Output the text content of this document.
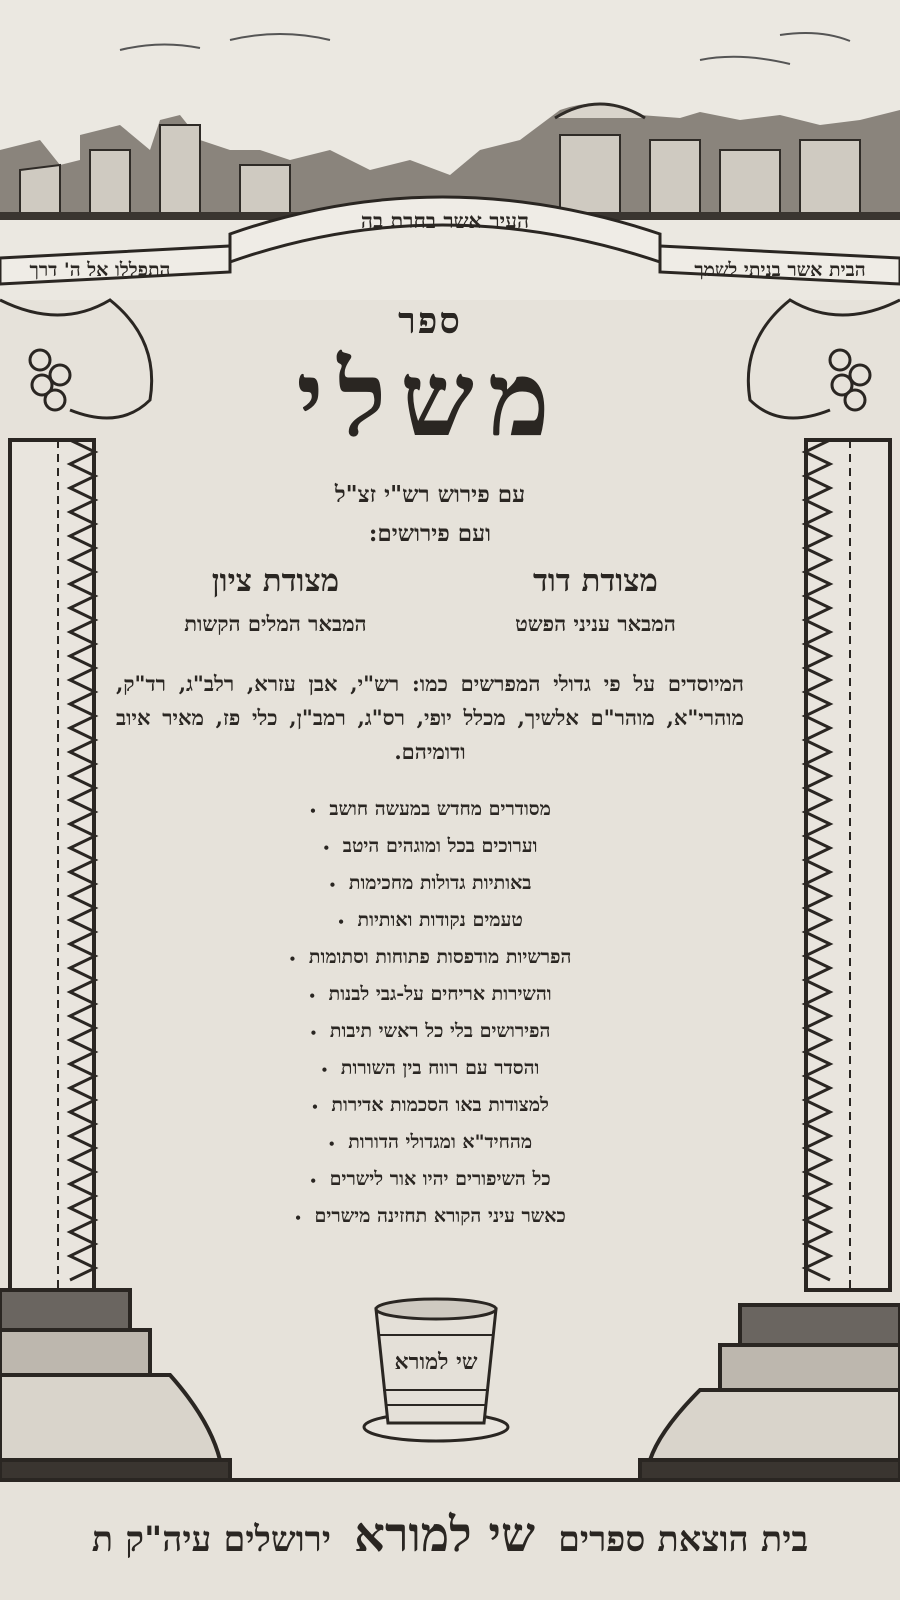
העיר אשר בחרת בה
הבית אשר בניתי לשמך
התפללו אל ה' דרך
ספר
משלי
עם פירוש רש"י זצ"ל
ועם פירושים:
מצודת דוד
המבאר עניני הפשט
מצודת ציון
המבאר המלים הקשות
המיוסדים על פי גדולי המפרשים כמו: רש"י, אבן עזרא, רלב"ג, רד"ק, מוהרי"א, מוהר"ם אלשיך, מכלל יופי, רס"ג, רמב"ן, כלי פז, מאיר איוב ודומיהם.
מסודרים מחדש במעשה חושב •
וערוכים בכל ומוגהים היטב •
באותיות גדולות מחכימות •
טעמים נקודות ואותיות •
הפרשיות מודפסות פתוחות וסתומות •
והשירות אריחים על-גבי לבנות •
הפירושים בלי כל ראשי תיבות •
והסדר עם רווח בין השורות •
למצודות באו הסכמות אדירות •
מהחיד"א ומגדולי הדורות •
כל השיפורים יהיו אור לישרים •
כאשר עיני הקורא תחזינה מישרים •
שי למורא
בית הוצאת ספרים שי למורא ירושלים עיה"ק ת
